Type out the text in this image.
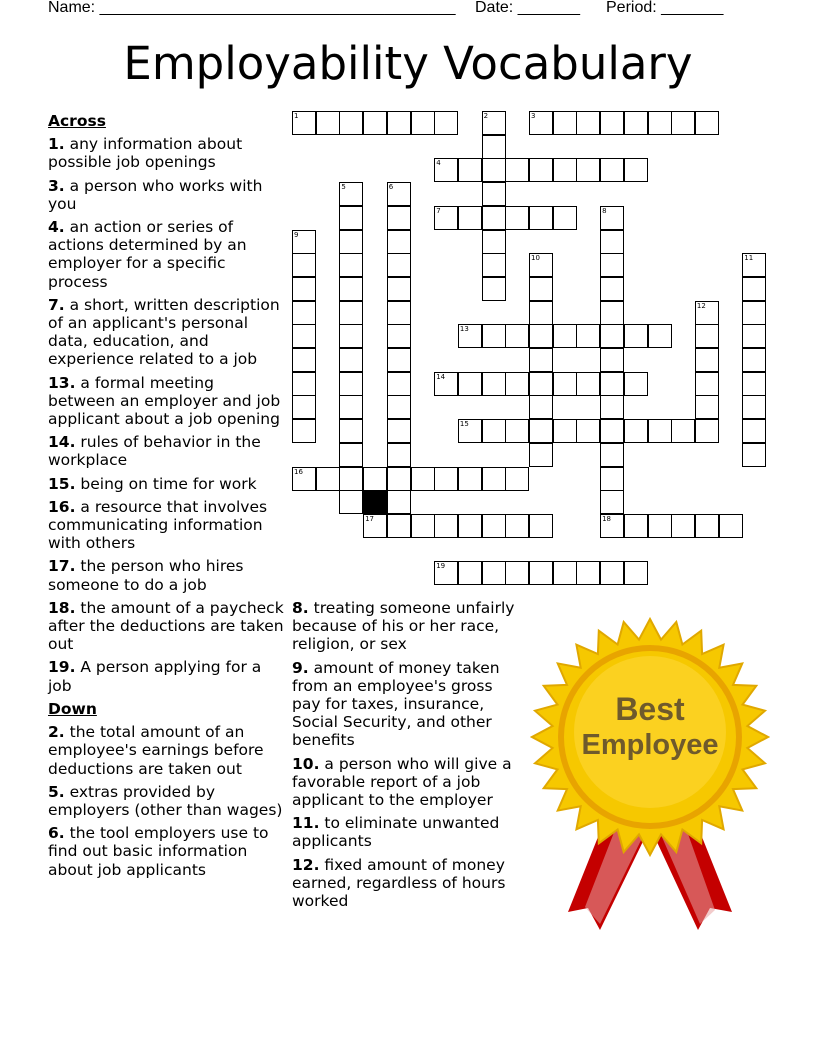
Name: ________________________________________ Date: _______ Period: _______
Employability Vocabulary
Across
1. any information about possible job openings
3. a person who works with you
4. an action or series of actions determined by an employer for a specific process
7. a short, written description of an applicant's personal data, education, and experience related to a job
13. a formal meeting between an employer and job applicant about a job opening
14. rules of behavior in the workplace
15. being on time for work
16. a resource that involves communicating information with others
17. the person who hires someone to do a job
18. the amount of a paycheck after the deductions are taken out
19. A person applying for a job
Down
2. the total amount of an employee's earnings before deductions are taken out
5. extras provided by employers (other than wages)
6. the tool employers use to find out basic information about job applicants
8. treating someone unfairly because of his or her race, religion, or sex
9. amount of money taken from an employee's gross pay for taxes, insurance, Social Security, and other benefits
10. a person who will give a favorable report of a job applicant to the employer
11. to eliminate unwanted applicants
12. fixed amount of money earned, regardless of hours worked
1	3
4
7
13
14
15
16
17	18
19
2
5	6
8
9
10	11
12
Best
Employee
